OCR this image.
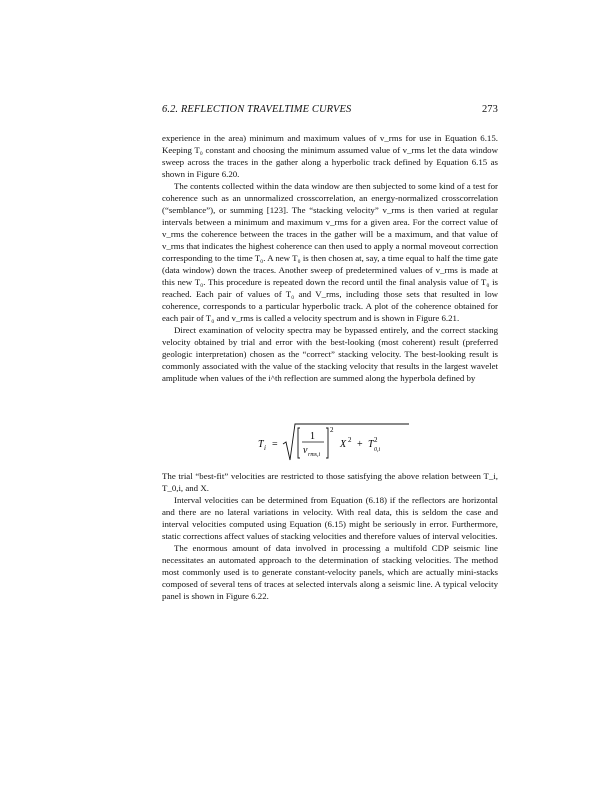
6.2. REFLECTION TRAVELTIME CURVES	273

experience in the area) minimum and maximum values of v_rms for use in Equation 6.15. Keeping T₀ constant and choosing the minimum assumed value of v_rms let the data window sweep across the traces in the gather along a hyperbolic track defined by Equation 6.15 as shown in Figure 6.20.

The contents collected within the data window are then subjected to some kind of a test for coherence such as an unnormalized crosscorrelation, an energy-normalized crosscorrelation (“semblance”), or summing [123]. The “stacking velocity” v_rms is then varied at regular intervals between a minimum and maximum v_rms for a given area. For the correct value of v_rms the coherence between the traces in the gather will be a maximum, and that value of v_rms that indicates the highest coherence can then used to apply a normal moveout correction corresponding to the time T₀. A new T₀ is then chosen at, say, a time equal to half the time gate (data window) down the traces. Another sweep of predetermined values of v_rms is made at this new T₀. This procedure is repeated down the record until the final analysis value of T₀ is reached. Each pair of values of T₀ and V_rms, including those sets that resulted in low coherence, corresponds to a particular hyperbolic track. A plot of the coherence obtained for each pair of T₀ and v_rms is called a velocity spectrum and is shown in Figure 6.21.

Direct examination of velocity spectra may be bypassed entirely, and the correct stacking velocity obtained by trial and error with the best-looking (most coherent) result (preferred geologic interpretation) chosen as the “correct” stacking velocity. The best-looking result is commonly associated with the value of the stacking velocity that results in the largest wavelet amplitude when values of the i^th reflection are summed along the hyperbola defined by

T i =
1
v rms,i
2
X 2 + T 2
0,i

The trial “best-fit” velocities are restricted to those satisfying the above relation between T_i, T_0,i, and X.

Interval velocities can be determined from Equation (6.18) if the reflectors are horizontal and there are no lateral variations in velocity. With real data, this is seldom the case and interval velocities computed using Equation (6.15) might be seriously in error. Furthermore, static corrections affect values of stacking velocities and therefore values of interval velocities.

The enormous amount of data involved in processing a multifold CDP seismic line necessitates an automated approach to the determination of stacking velocities. The method most commonly used is to generate constant-velocity panels, which are actually mini-stacks composed of several tens of traces at selected intervals along a seismic line. A typical velocity panel is shown in Figure 6.22.
